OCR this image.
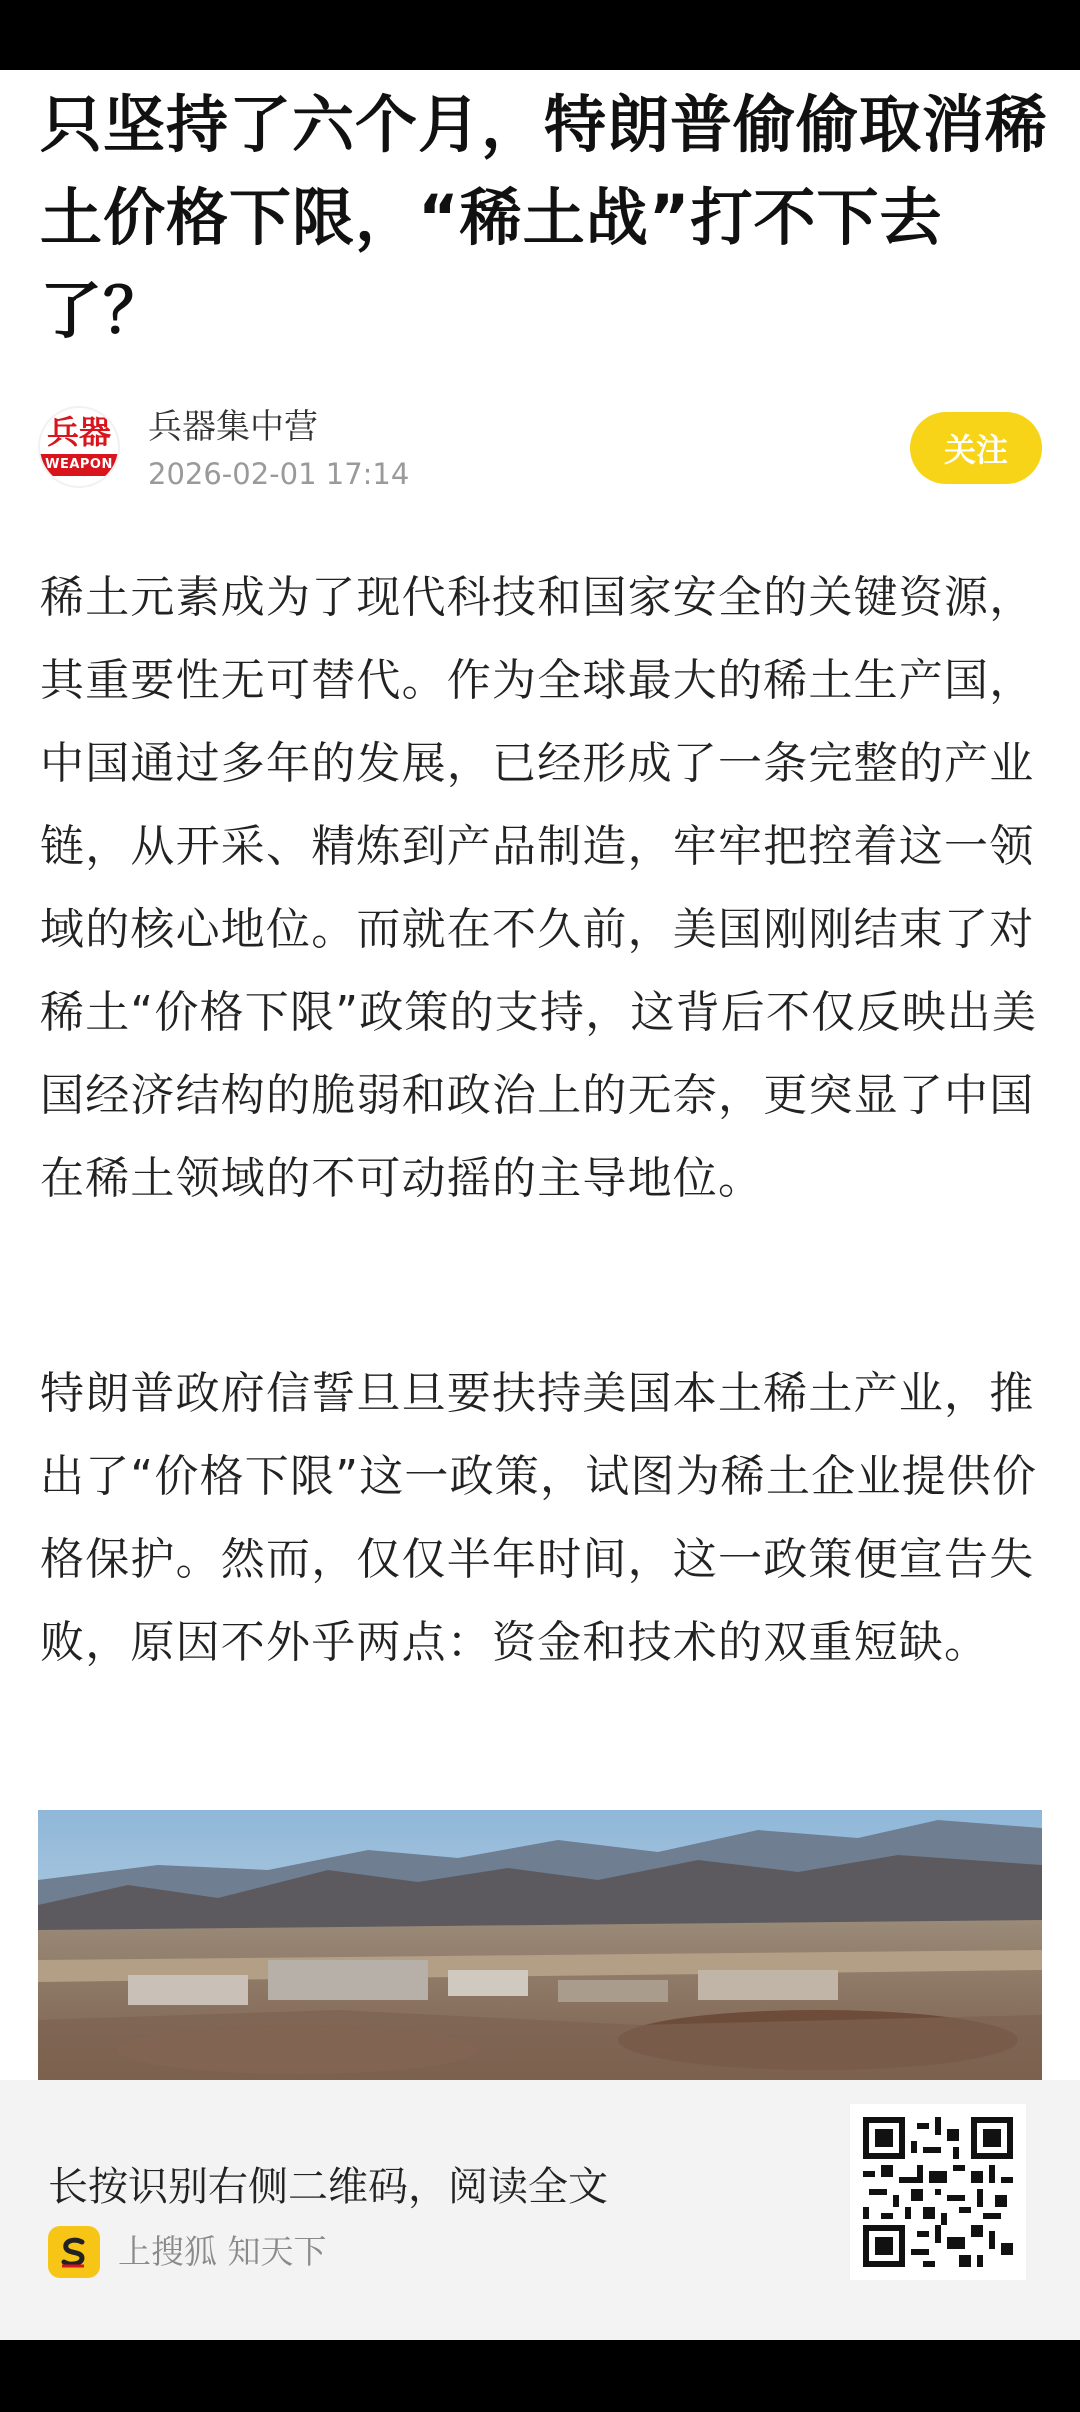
只坚持了六个月，特朗普偷偷取消稀土价格下限，“稀土战”打不下去了？
兵器
WEAPON
兵器集中营
2026-02-01 17:14
关注

稀土元素成为了现代科技和国家安全的关键资源，其重要性无可替代。作为全球最大的稀土生产国，中国通过多年的发展，已经形成了一条完整的产业链，从开采、精炼到产品制造，牢牢把控着这一领域的核心地位。而就在不久前，美国刚刚结束了对稀土“价格下限”政策的支持，这背后不仅反映出美国经济结构的脆弱和政治上的无奈，更突显了中国在稀土领域的不可动摇的主导地位。

特朗普政府信誓旦旦要扶持美国本土稀土产业，推出了“价格下限”这一政策，试图为稀土企业提供价格保护。然而，仅仅半年时间，这一政策便宣告失败，原因不外乎两点：资金和技术的双重短缺。

长按识别右侧二维码，阅读全文
上搜狐 知天下
